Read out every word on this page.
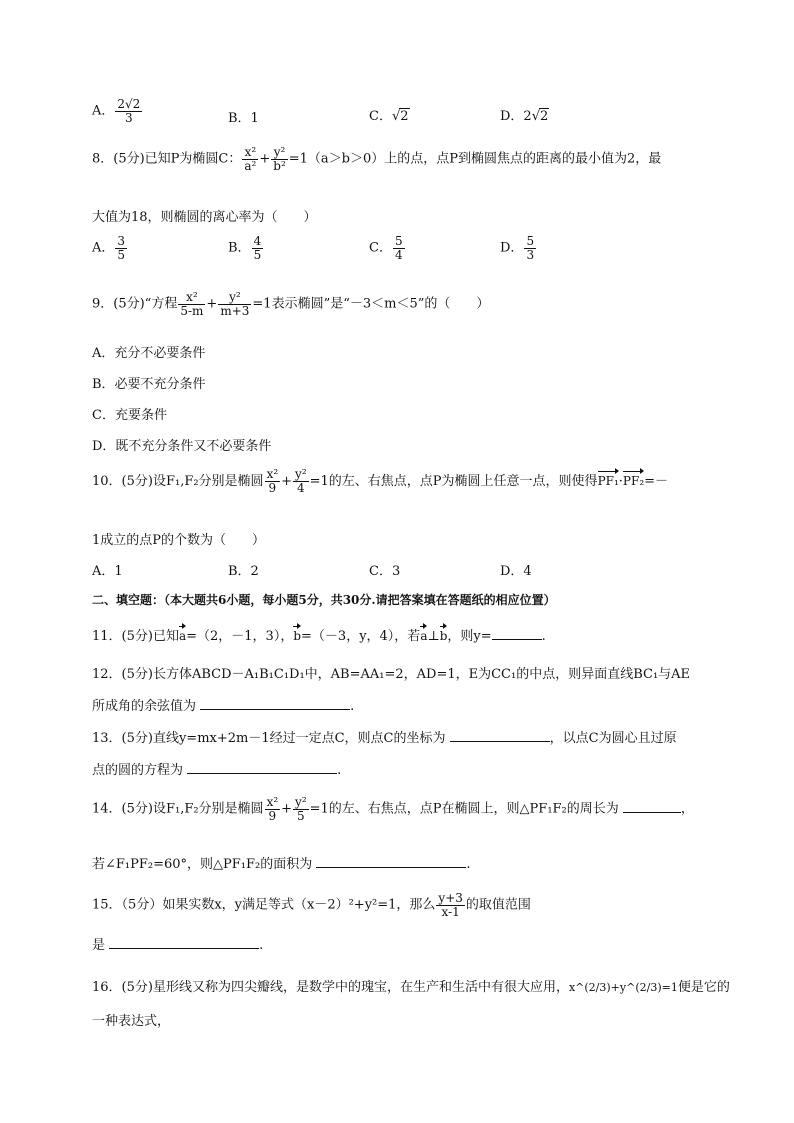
A． $\frac{2√2}{3}$	B．1	C．√2	D．2√2
8．(5分)已知P为椭圆C： $\frac{\text{x²}}{\text{a²}} + \frac{\text{y²}}{\text{b²}} =1(a>b>0)$上的点，点P到椭圆焦点的距离的最小值为2，最
大值为18，则椭圆的离心率为（　　）
A． $\frac{3}{5}$	B． $\frac{4}{5}$	C． $\frac{5}{4}$	D． $\frac{5}{3}$
9．(5分)“方程 $\frac{\text{x²}}{5-m} + \frac{\text{y²}}{m+3} =1$表示椭圆”是“－3＜m＜5”的（　　）
A．充分不必要条件
B．必要不充分条件
C．充要条件
D．既不充分条件又不必要条件
10．(5分)设F₁,F₂分别是椭圆 $\frac{\text{x²}}{9} + \frac{\text{y²}}{4} =1$的左、右焦点，点P为椭圆上任意一点，则使得PF₁·PF₂=－
1成立的点P的个数为（　　）
A．1	B．2	C．3	D．4
二、填空题：（本大题共6小题，每小题5分，共30分.请把答案填在答题纸的相应位置）
11．(5分)已知a=（2，－1，3），b=（－3，y，4），若a⊥b，则y=	.
12．(5分)长方体ABCD－A₁B₁C₁D₁中，AB=AA₁=2，AD=1，E为CC₁的中点，则异面直线BC₁与AE
所成角的余弦值为	.
13．(5分)直线y=mx+2m－1经过一定点C，则点C的坐标为	，以点C为圆心且过原
点的圆的方程为	.
14．(5分)设F₁,F₂分别是椭圆 $\frac{\text{x²}}{9} + \frac{\text{y²}}{5} =1$的左、右焦点，点P在椭圆上，则△PF₁F₂的周长为	，
若∠F₁PF₂=60°，则△PF₁F₂的面积为	.
15．（5分）如果实数x，y满足等式（x－2）²+y²=1，那么 $\frac{y+3}{x-1}$ 的取值范围
是	.
16．(5分)星形线又称为四尖瓣线，是数学中的瑰宝，在生产和生活中有很大应用，x^(2/3)+y^(2/3)=1便是它的
一种表达式，
